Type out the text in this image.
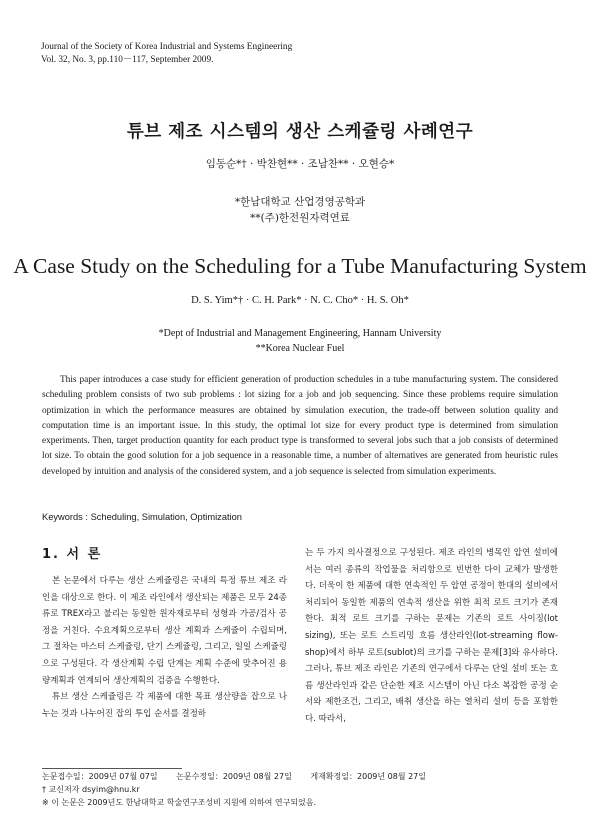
Journal of the Society of Korea Industrial and Systems Engineering
Vol. 32, No. 3, pp.110－117, September 2009.
튜브 제조 시스템의 생산 스케쥴링 사례연구
임동순*† · 박찬현** · 조남찬** · 오현승*
*한남대학교 산업경영공학과
**(주)한전원자력연료
A Case Study on the Scheduling for a Tube Manufacturing System
D. S. Yim*† · C. H. Park* · N. C. Cho* · H. S. Oh*
*Dept of Industrial and Management Engineering, Hannam University
**Korea Nuclear Fuel

This paper introduces a case study for efficient generation of production schedules in a tube manufacturing system. The considered scheduling problem consists of two sub problems : lot sizing for a job and job sequencing. Since these problems require simulation optimization in which the performance measures are obtained by simulation execution, the trade-off between solution quality and computation time is an important issue. In this study, the optimal lot size for every product type is determined from simulation experiments. Then, target production quantity for each product type is transformed to several jobs such that a job consists of determined lot size. To obtain the good solution for a job sequence in a reasonable time, a number of alternatives are generated from heuristic rules developed by intuition and analysis of the considered system, and a job sequence is selected from simulation experiments.

Keywords : Scheduling, Simulation, Optimization
1. 서 론

본 논문에서 다루는 생산 스케쥴링은 국내의 특정 튜브 제조 라인을 대상으로 한다. 이 제조 라인에서 생산되는 제품은 모두 24종류로 TREX라고 불리는 동일한 원자재로부터 성형과 가공/검사 공정을 거친다. 수요계획으로부터 생산 계획과 스케쥴이 수립되며, 그 절차는 마스터 스케쥴링, 단기 스케쥴링, 그리고, 일일 스케쥴링으로 구성된다. 각 생산계획 수립 단계는 계획 수준에 맞추어진 용량계획과 연계되어 생산계획의 검증을 수행한다.

튜브 생산 스케쥴링은 각 제품에 대한 목표 생산량을 잡으로 나누는 것과 나누어진 잡의 투입 순서를 결정하

는 두 가지 의사결정으로 구성된다. 제조 라인의 병목인 압연 설비에서는 여러 종류의 작업물을 처리함으로 빈번한 다이 교체가 발생한다. 더욱이 한 제품에 대한 연속적인 두 압연 공정이 한대의 설비에서 처리되어 동일한 제품의 연속적 생산을 위한 최적 로트 크기가 존재한다. 최적 로트 크기를 구하는 문제는 기존의 로트 사이징(lot sizing), 또는 로트 스트리밍 흐름 생산라인(lot-streaming flow-shop)에서 하부 로트(sublot)의 크기를 구하는 문제[3]와 유사하다. 그러나, 튜브 제조 라인은 기존의 연구에서 다루는 단일 설비 또는 흐름 생산라인과 같은 단순한 제조 시스템이 아닌 다소 복잡한 공정 순서와 제한조건, 그리고, 배취 생산을 하는 열처리 설비 등을 포함한다. 따라서,

논문접수일：2009년 07월 07일 논문수정일：2009년 08월 27일 게재확정일：2009년 08월 27일
† 교신저자 dsyim@hnu.kr
※ 이 논문은 2009년도 한남대학교 학술연구조성비 지원에 의하여 연구되었음.
